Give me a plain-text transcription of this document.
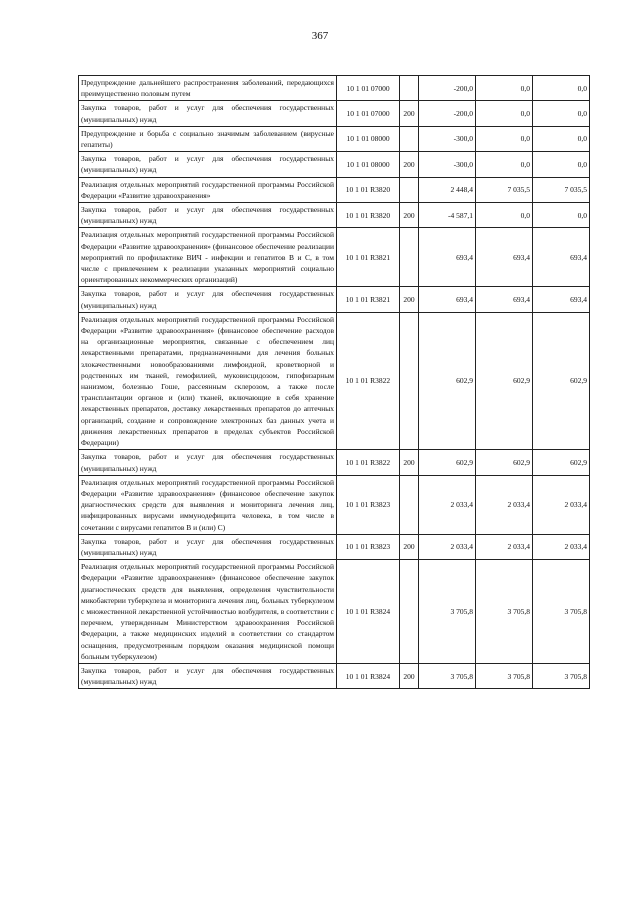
367
Предупреждение дальнейшего распространения заболеваний, передающихся преимущественно половым путем	10 1 01 07000		-200,0	0,0	0,0
Закупка товаров, работ и услуг для обеспечения государственных (муниципальных) нужд	10 1 01 07000	200	-200,0	0,0	0,0
Предупреждение и борьба с социально значимым заболеванием (вирусные гепатиты)	10 1 01 08000		-300,0	0,0	0,0
Закупка товаров, работ и услуг для обеспечения государственных (муниципальных) нужд	10 1 01 08000	200	-300,0	0,0	0,0
Реализация отдельных мероприятий государственной программы Российской Федерации «Развитие здравоохранения»	10 1 01 R3820		2 448,4	7 035,5	7 035,5
Закупка товаров, работ и услуг для обеспечения государственных (муниципальных) нужд	10 1 01 R3820	200	-4 587,1	0,0	0,0
Реализация отдельных мероприятий государственной программы Российской Федерации «Развитие здравоохранения» (финансовое обеспечение реализации мероприятий по профилактике ВИЧ - инфекции и гепатитов В и С, в том числе с привлечением к реализации указанных мероприятий социально ориентированных некоммерческих организаций)	10 1 01 R3821		693,4	693,4	693,4
Закупка товаров, работ и услуг для обеспечения государственных (муниципальных) нужд	10 1 01 R3821	200	693,4	693,4	693,4
Реализация отдельных мероприятий государственной программы Российской Федерации «Развитие здравоохранения» (финансовое обеспечение расходов на организационные мероприятия, связанные с обеспечением лиц лекарственными препаратами, предназначенными для лечения больных злокачественными новообразованиями лимфоидной, кроветворной и родственных им тканей, гемофилией, муковисцидозом, гипофизарным нанизмом, болезнью Гоше, рассеянным склерозом, а также после трансплантации органов и (или) тканей, включающие в себя хранение лекарственных препаратов, доставку лекарственных препаратов до аптечных организаций, создание и сопровождение электронных баз данных учета и движения лекарственных препаратов в пределах субъектов Российской Федерации)	10 1 01 R3822		602,9	602,9	602,9
Закупка товаров, работ и услуг для обеспечения государственных (муниципальных) нужд	10 1 01 R3822	200	602,9	602,9	602,9
Реализация отдельных мероприятий государственной программы Российской Федерации «Развитие здравоохранения» (финансовое обеспечение закупок диагностических средств для выявления и мониторинга лечения лиц, инфицированных вирусами иммунодефицита человека, в том числе в сочетании с вирусами гепатитов В и (или) С)	10 1 01 R3823		2 033,4	2 033,4	2 033,4
Закупка товаров, работ и услуг для обеспечения государственных (муниципальных) нужд	10 1 01 R3823	200	2 033,4	2 033,4	2 033,4
Реализация отдельных мероприятий государственной программы Российской Федерации «Развитие здравоохранения» (финансовое обеспечение закупок диагностических средств для выявления, определения чувствительности микобактерии туберкулеза и мониторинга лечения лиц, больных туберкулезом с множественной лекарственной устойчивостью возбудителя, в соответствии с перечнем, утвержденным Министерством здравоохранения Российской Федерации, а также медицинских изделий в соответствии со стандартом оснащения, предусмотренным порядком оказания медицинской помощи больным туберкулезом)	10 1 01 R3824		3 705,8	3 705,8	3 705,8
Закупка товаров, работ и услуг для обеспечения государственных (муниципальных) нужд	10 1 01 R3824	200	3 705,8	3 705,8	3 705,8
